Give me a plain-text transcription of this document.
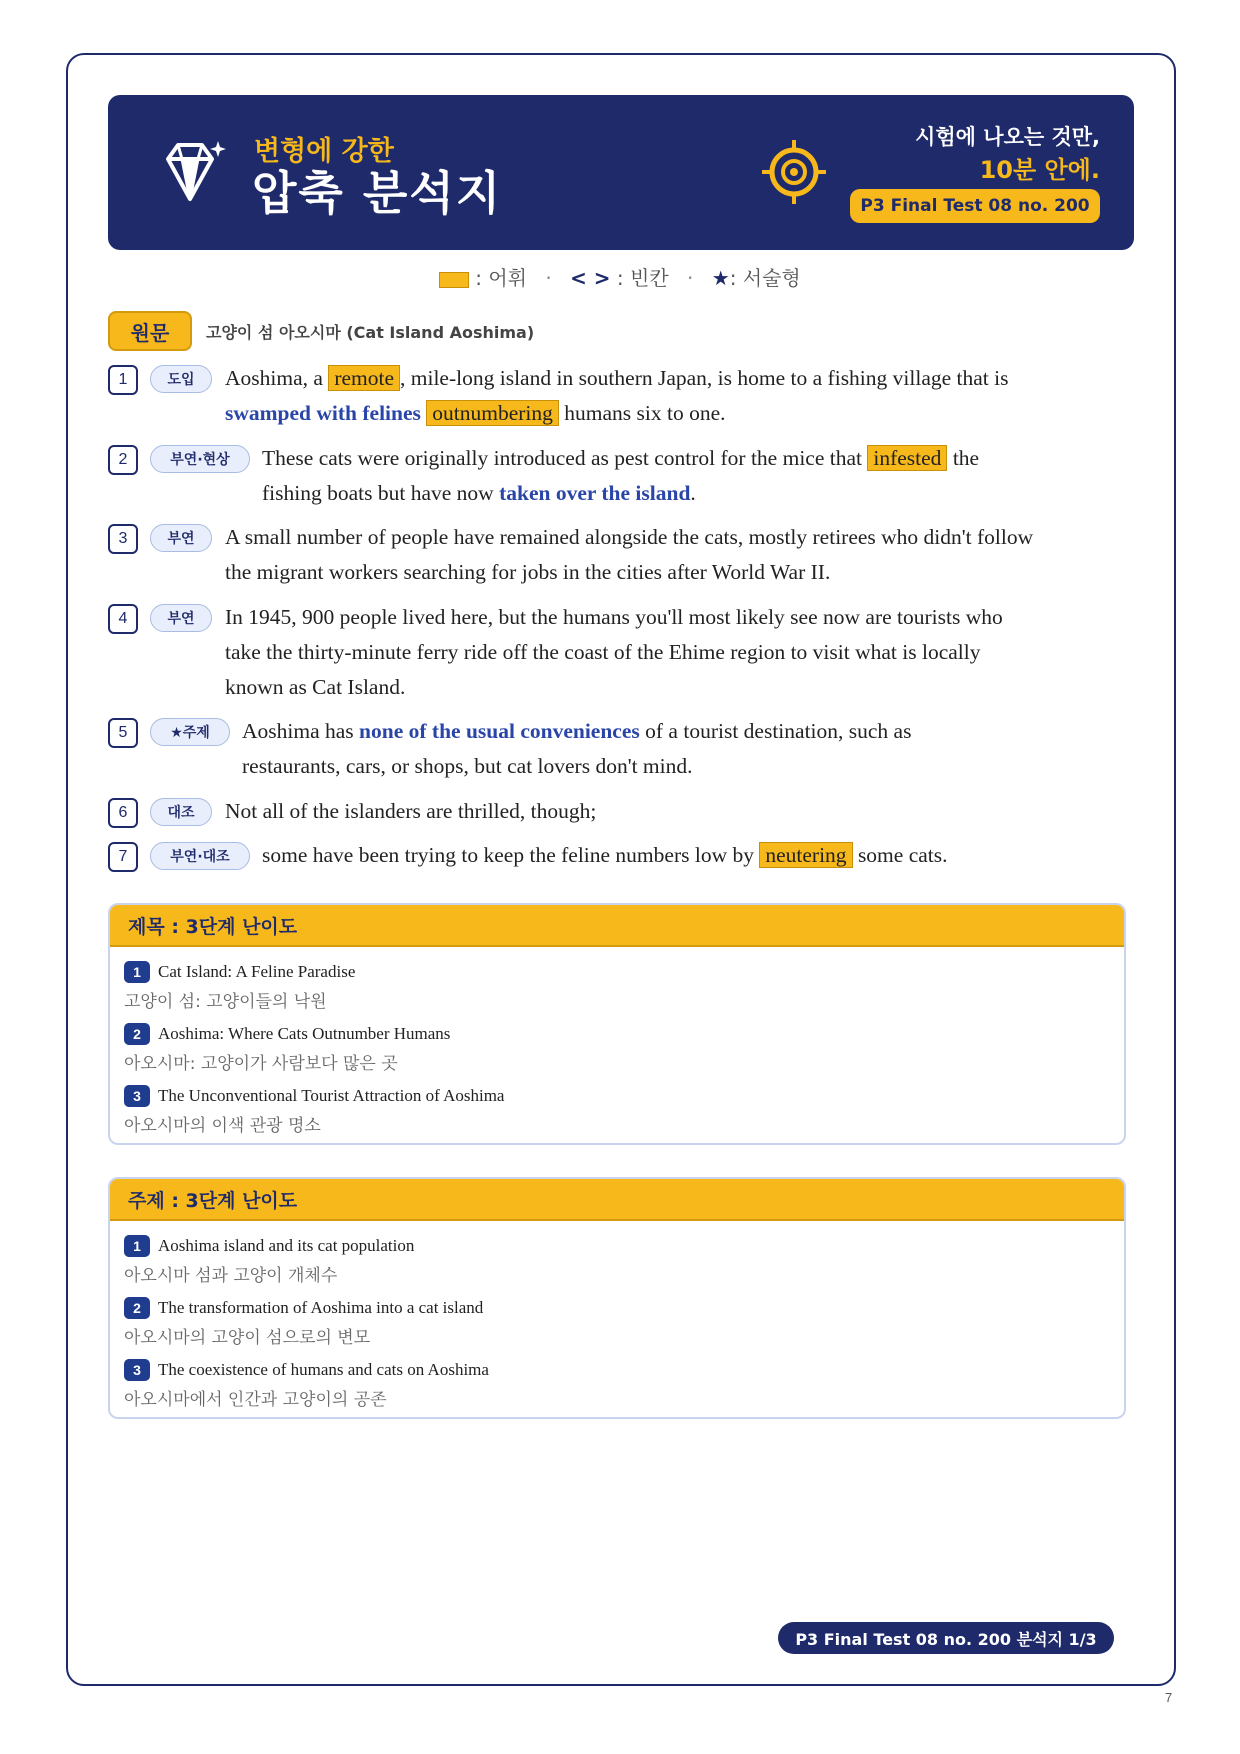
변형에 강한
압축 분석지
시험에 나오는 것만,
10분 안에.
P3 Final Test 08 no. 200
: 어휘 · < > : 빈칸 · ★: 서술형
원문	고양이 섬 아오시마 (Cat Island Aoshima)
1	도입	Aoshima, a remote , mile-long island in southern Japan, is home to a fishing village that is
swamped with felines outnumbering humans six to one.
2	부연·현상	These cats were originally introduced as pest control for the mice that infested the
fishing boats but have now taken over the island.
3	부연	A small number of people have remained alongside the cats, mostly retirees who didn't follow
the migrant workers searching for jobs in the cities after World War II.
4	부연	In 1945, 900 people lived here, but the humans you'll most likely see now are tourists who
take the thirty-minute ferry ride off the coast of the Ehime region to visit what is locally
known as Cat Island.
5	★주제	Aoshima has none of the usual conveniences of a tourist destination, such as
restaurants, cars, or shops, but cat lovers don't mind.
6	대조	Not all of the islanders are thrilled, though;
7	부연·대조	some have been trying to keep the feline numbers low by neutering some cats.
제목 : 3단계 난이도
1 Cat Island: A Feline Paradise
고양이 섬: 고양이들의 낙원
2 Aoshima: Where Cats Outnumber Humans
아오시마: 고양이가 사람보다 많은 곳
3 The Unconventional Tourist Attraction of Aoshima
아오시마의 이색 관광 명소
주제 : 3단계 난이도
1 Aoshima island and its cat population
아오시마 섬과 고양이 개체수
2 The transformation of Aoshima into a cat island
아오시마의 고양이 섬으로의 변모
3 The coexistence of humans and cats on Aoshima
아오시마에서 인간과 고양이의 공존
P3 Final Test 08 no. 200 분석지 1/3
7
